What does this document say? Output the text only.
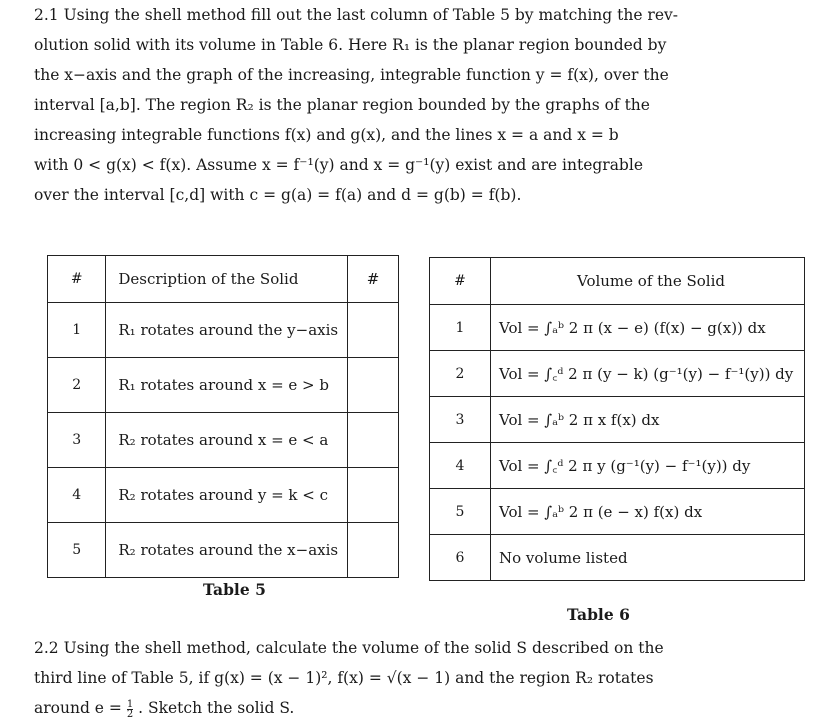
2.1 Using the shell method fill out the last column of Table 5 by matching the rev-
olution solid with its volume in Table 6. Here R₁ is the planar region bounded by
the x−axis and the graph of the increasing, integrable function y = f(x), over the
interval [a,b]. The region R₂ is the planar region bounded by the graphs of the
increasing integrable functions f(x) and g(x), and the lines x = a and x = b
with 0 < g(x) < f(x). Assume x = f⁻¹(y) and x = g⁻¹(y) exist and are integrable
over the interval [c,d] with c = g(a) = f(a) and d = g(b) = f(b).
#	Description of the Solid	#
1	R₁ rotates around the y−axis	
2	R₁ rotates around x = e > b	
3	R₂ rotates around x = e < a	
4	R₂ rotates around y = k < c	
5	R₂ rotates around the x−axis	
#	Volume of the Solid
1	Vol = ∫ₐᵇ 2 π (x − e) (f(x) − g(x)) dx
2	Vol = ∫꜀ᵈ 2 π (y − k) (g⁻¹(y) − f⁻¹(y)) dy
3	Vol = ∫ₐᵇ 2 π x f(x) dx
4	Vol = ∫꜀ᵈ 2 π y (g⁻¹(y) − f⁻¹(y)) dy
5	Vol = ∫ₐᵇ 2 π (e − x) f(x) dx
6	No volume listed
Table 5
Table 6
2.2 Using the shell method, calculate the volume of the solid S described on the
third line of Table 5, if g(x) = (x − 1)², f(x) = √(x − 1) and the region R₂ rotates
around $e = \frac{1}{2}$ . Sketch the solid S.
